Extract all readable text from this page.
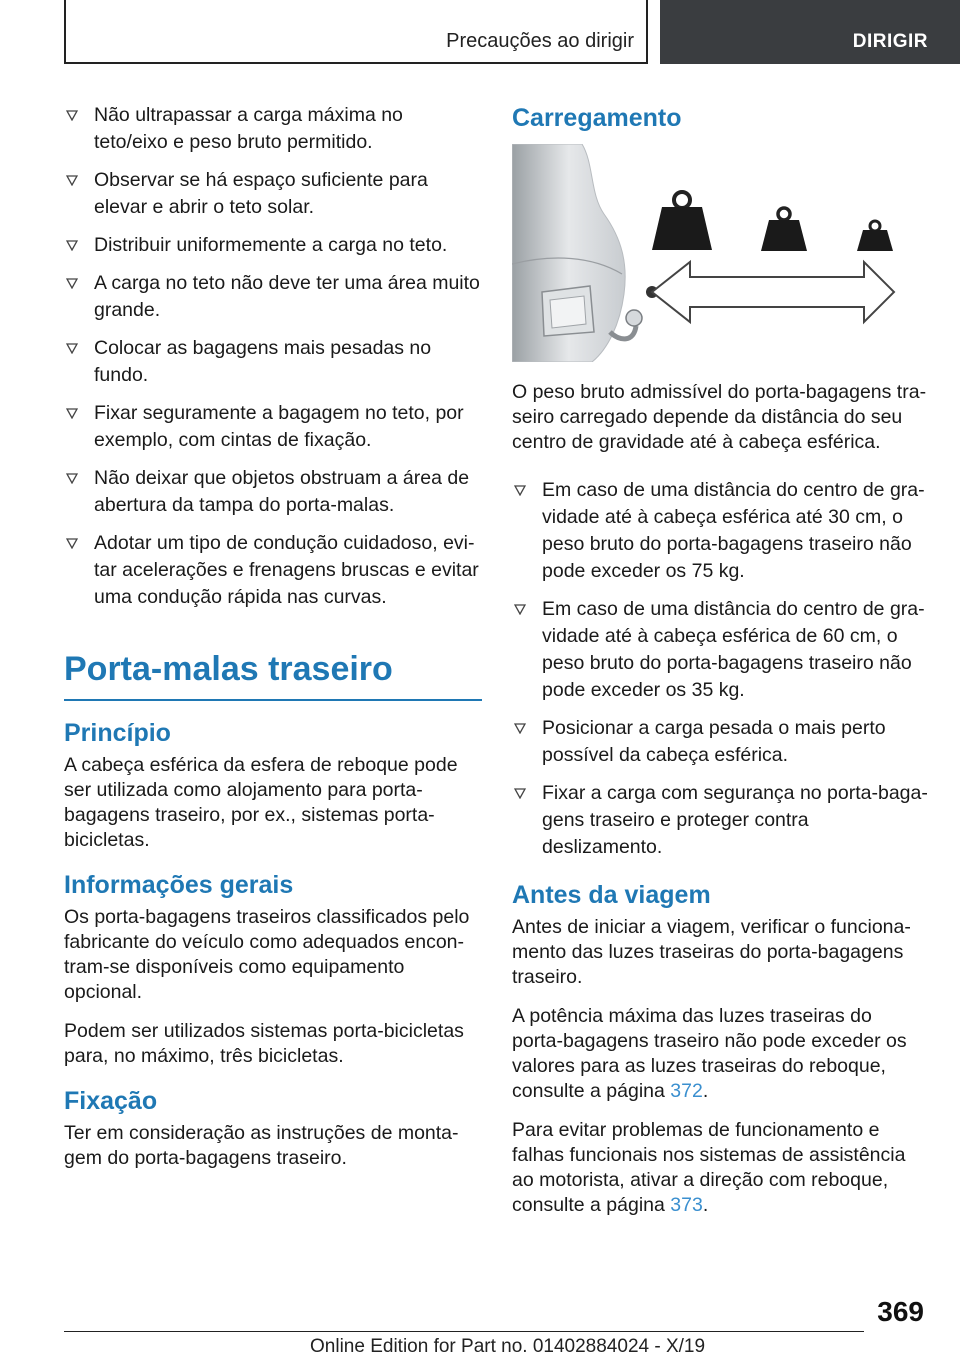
Precauções ao dirigir	DIRIGIR
Não ultrapassar a carga máxima no teto/eixo e peso bruto permitido.
Observar se há espaço suficiente para elevar e abrir o teto solar.
Distribuir uniformemente a carga no teto.
A carga no teto não deve ter uma área muito grande.
Colocar as bagagens mais pesadas no fundo.
Fixar seguramente a bagagem no teto, por exemplo, com cintas de fixação.
Não deixar que objetos obstruam a área de abertura da tampa do porta-malas.
Adotar um tipo de condução cuidadoso, evitar acelerações e frenagens bruscas e evitar uma condução rápida nas curvas.
Porta-malas traseiro
Princípio

A cabeça esférica da esfera de reboque pode ser utilizada como alojamento para porta-bagagens traseiro, por ex., sistemas porta-bicicletas.

Informações gerais

Os porta-bagagens traseiros classificados pelo fabricante do veículo como adequados encontram-se disponíveis como equipamento opcional.

Podem ser utilizados sistemas porta-bicicletas para, no máximo, três bicicletas.

Fixação

Ter em consideração as instruções de montagem do porta-bagagens traseiro.

Carregamento

O peso bruto admissível do porta-bagagens traseiro carregado depende da distância do seu centro de gravidade até à cabeça esférica.

Em caso de uma distância do centro de gravidade até à cabeça esférica até 30 cm, o peso bruto do porta-bagagens traseiro não pode exceder os 75 kg.
Em caso de uma distância do centro de gravidade até à cabeça esférica de 60 cm, o peso bruto do porta-bagagens traseiro não pode exceder os 35 kg.
Posicionar a carga pesada o mais perto possível da cabeça esférica.
Fixar a carga com segurança no porta-bagagens traseiro e proteger contra deslizamento.
Antes da viagem

Antes de iniciar a viagem, verificar o funcionamento das luzes traseiras do porta-bagagens traseiro.

A potência máxima das luzes traseiras do porta-bagagens traseiro não pode exceder os valores para as luzes traseiras do reboque, consulte a página 372.

Para evitar problemas de funcionamento e falhas funcionais nos sistemas de assistência ao motorista, ativar a direção com reboque, consulte a página 373.

369
Online Edition for Part no. 01402884024 - X/19
